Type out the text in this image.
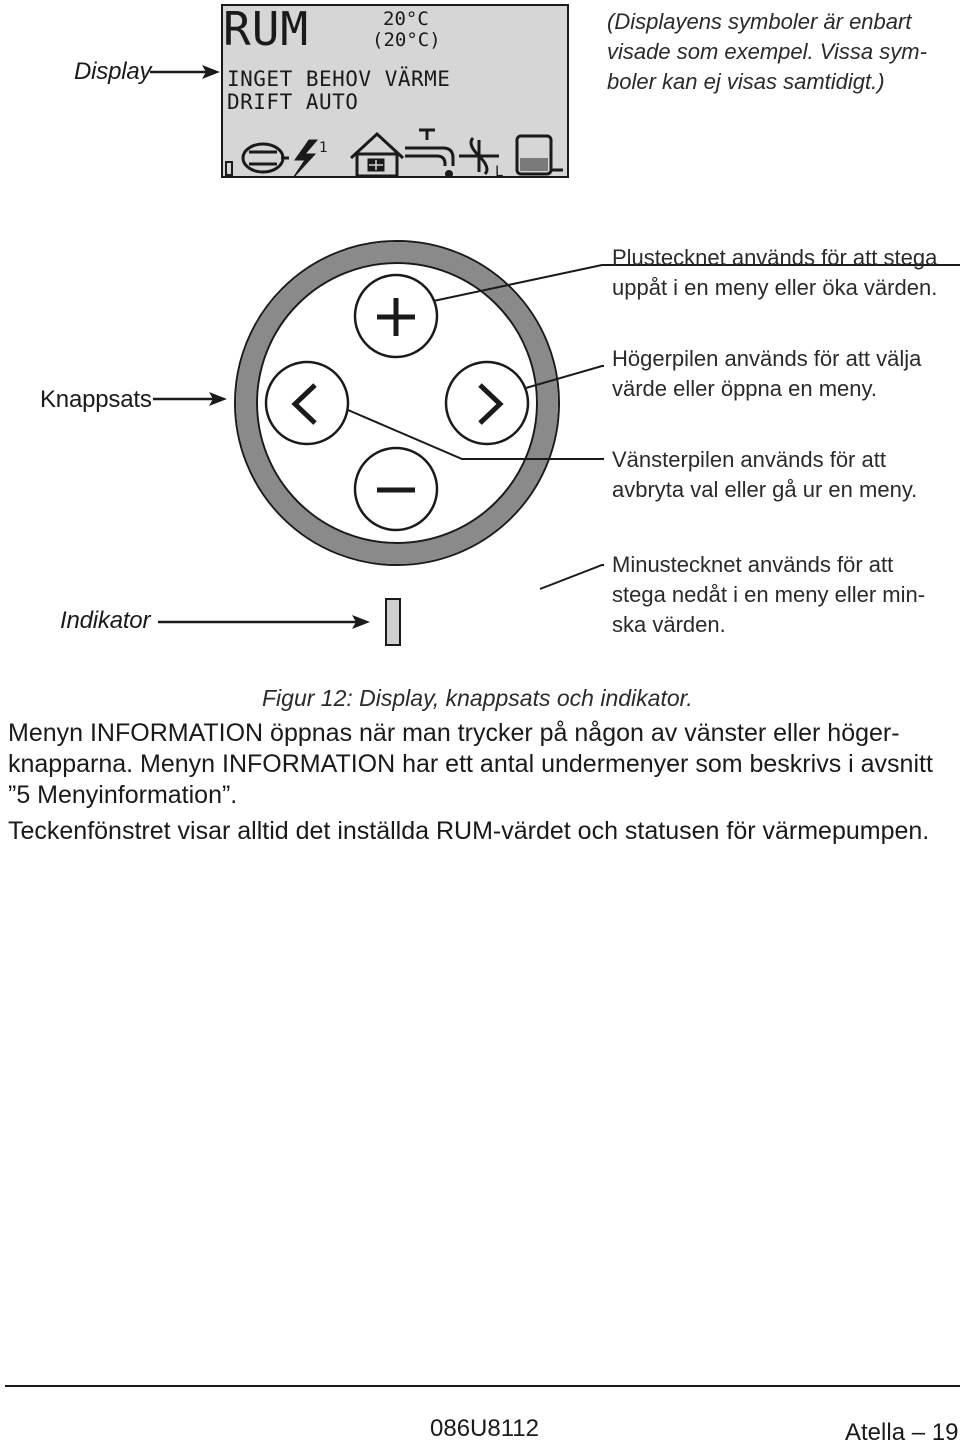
Display
RUM	20°C
(20°C)
INGET BEHOV VÄRME
DRIFT AUTO
1
L
(Displayens symboler är enbart
visade som exempel. Vissa sym-
boler kan ej visas samtidigt.)
Knappsats
Plustecknet används för att stega
uppåt i en meny eller öka värden.
Högerpilen används för att välja
värde eller öppna en meny.
Vänsterpilen används för att
avbryta val eller gå ur en meny.
Minustecknet används för att
stega nedåt i en meny eller min-
ska värden.
Indikator
Figur 12: Display, knappsats och indikator.
Menyn INFORMATION öppnas när man trycker på någon av vänster eller höger-
knapparna. Menyn INFORMATION har ett antal undermenyer som beskrivs i avsnitt
”5 Menyinformation”.
Teckenfönstret visar alltid det inställda RUM-värdet och statusen för värmepumpen.
086U8112	Atella – 19
